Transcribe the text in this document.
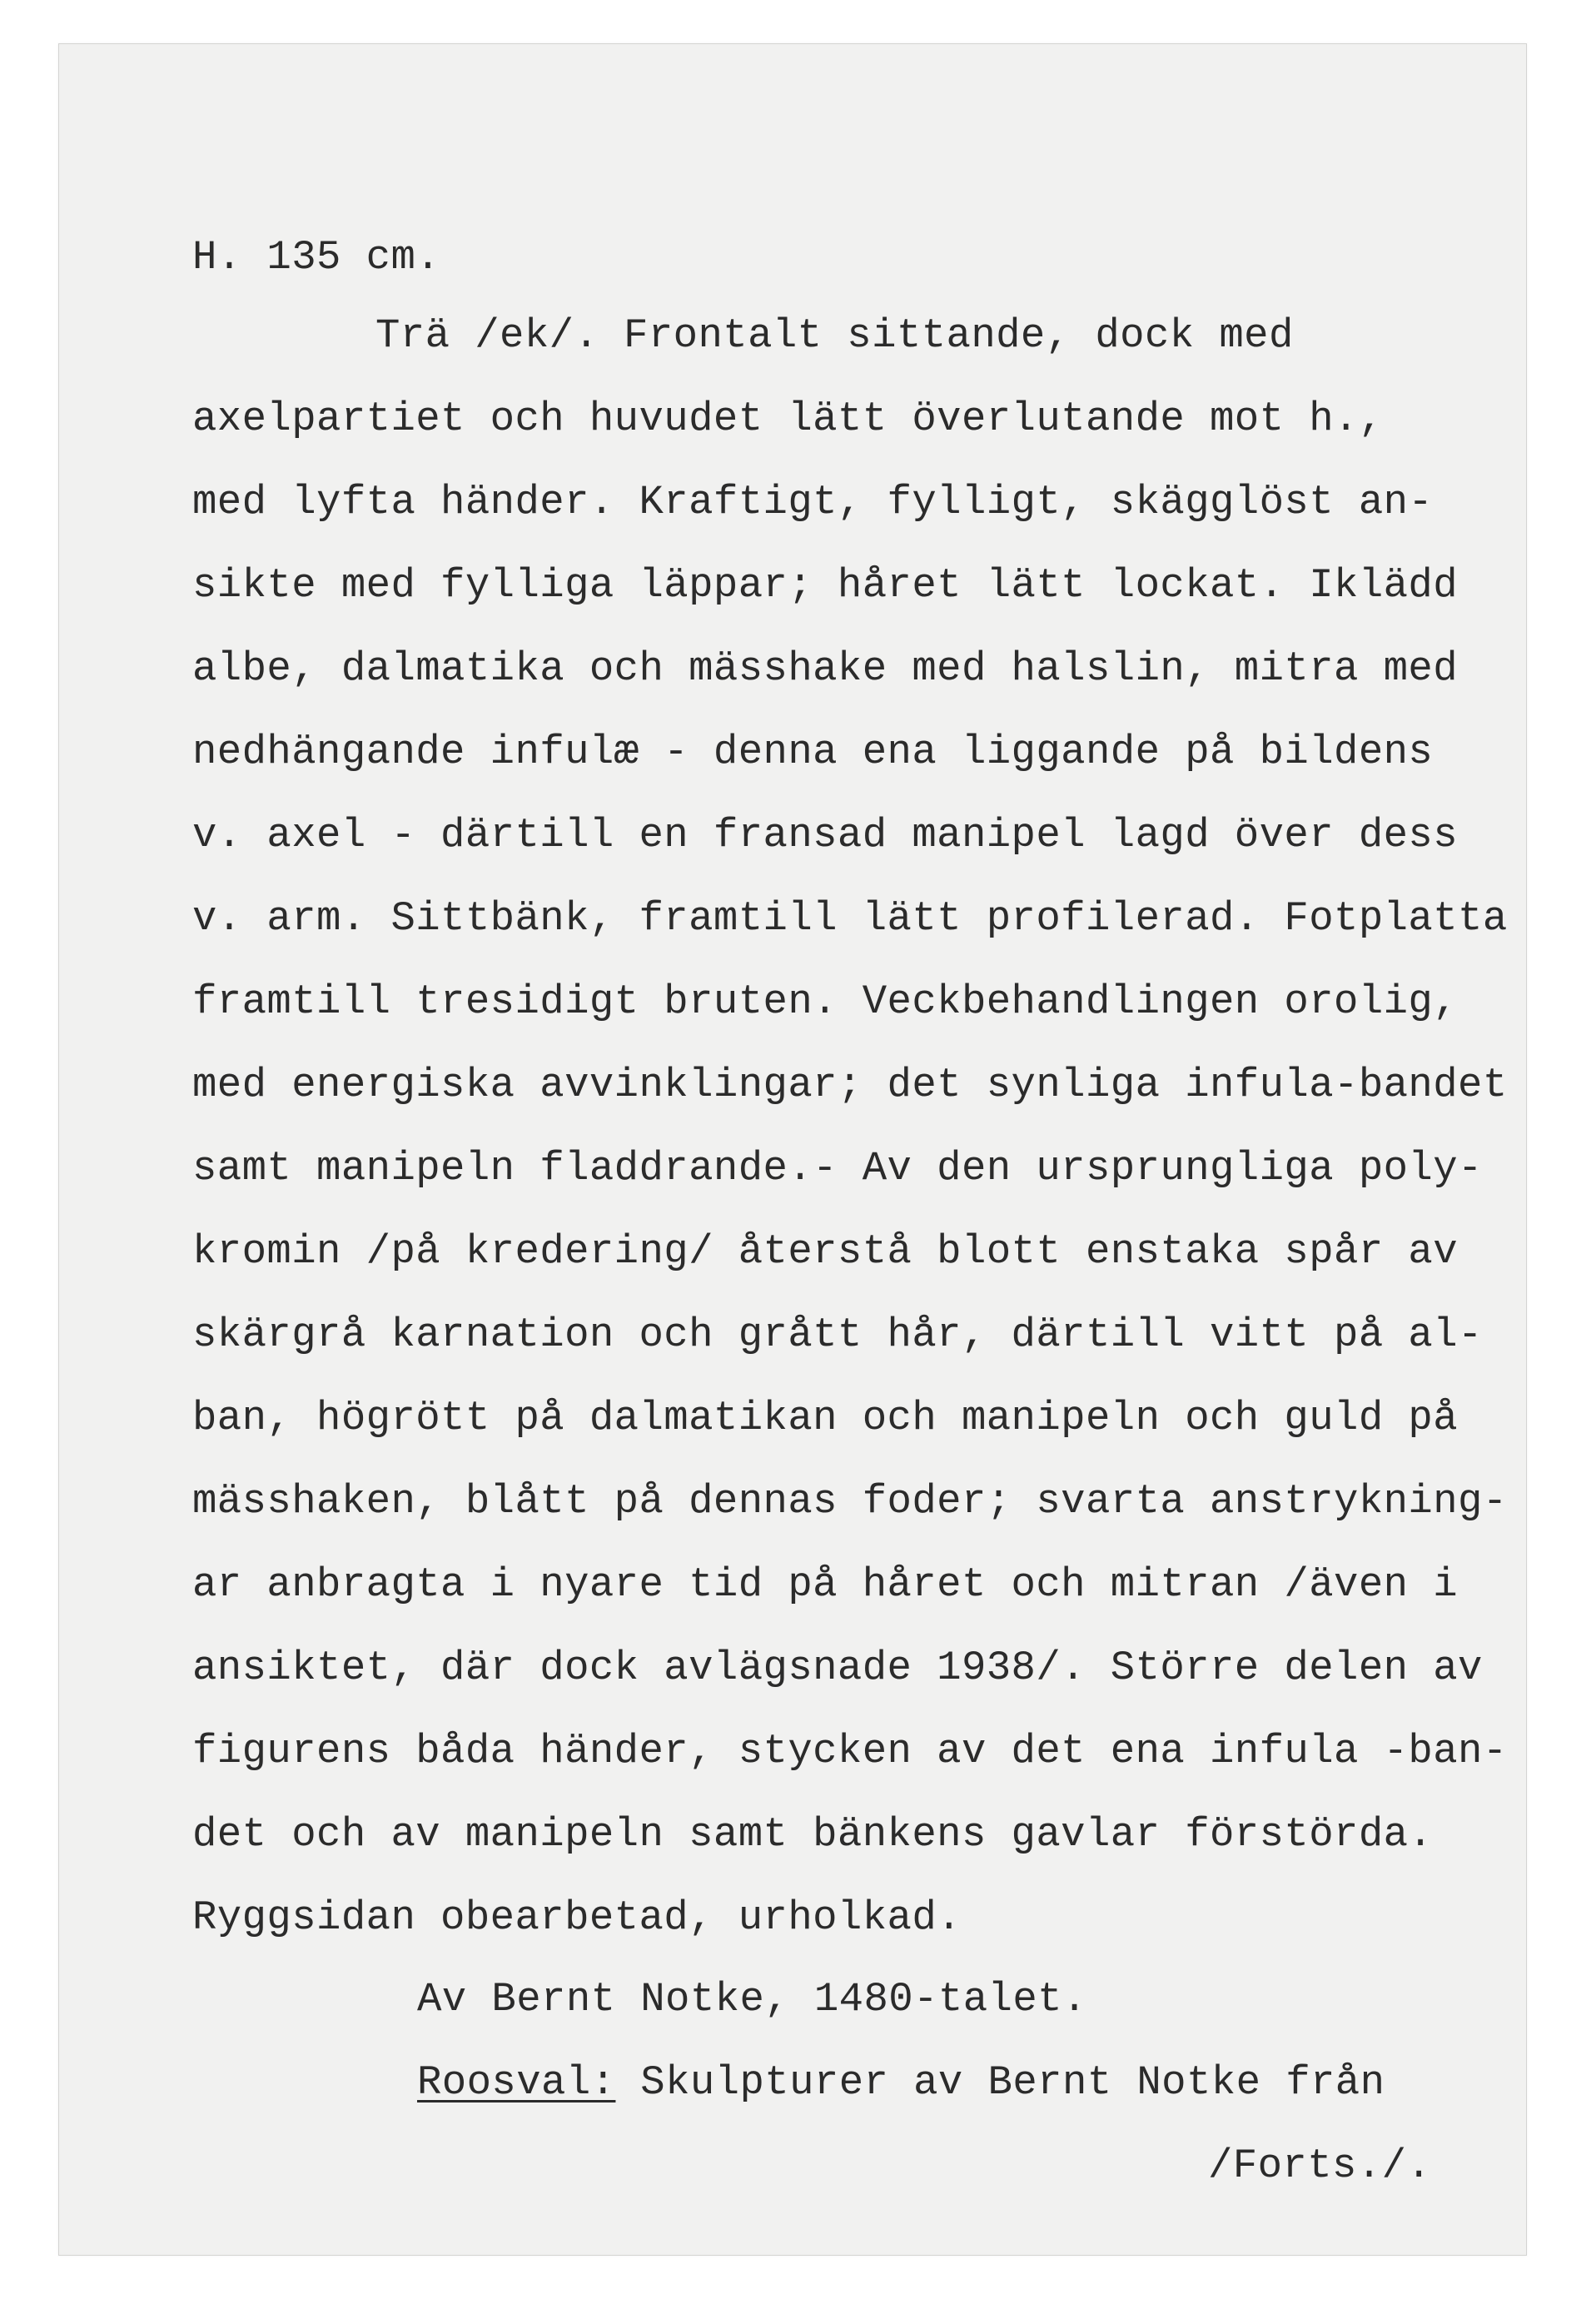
H. 135 cm.
Trä /ek/. Frontalt sittande, dock med
axelpartiet och huvudet lätt överlutande mot h.,
med lyfta händer. Kraftigt, fylligt, skägglöst an-
sikte med fylliga läppar; håret lätt lockat. Iklädd
albe, dalmatika och mässhake med halslin, mitra med
nedhängande infulæ - denna ena liggande på bildens
v. axel - därtill en fransad manipel lagd över dess
v. arm. Sittbänk, framtill lätt profilerad. Fotplatta
framtill tresidigt bruten. Veckbehandlingen orolig,
med energiska avvinklingar; det synliga infula-bandet
samt manipeln fladdrande.- Av den ursprungliga poly-
kromin /på kredering/ återstå blott enstaka spår av
skärgrå karnation och grått hår, därtill vitt på al-
ban, högrött på dalmatikan och manipeln och guld på
mässhaken, blått på dennas foder; svarta anstrykning-
ar anbragta i nyare tid på håret och mitran /även i
ansiktet, där dock avlägsnade 1938/. Större delen av
figurens båda händer, stycken av det ena infula -ban-
det och av manipeln samt bänkens gavlar förstörda.
Ryggsidan obearbetad, urholkad.
Av Bernt Notke, 1480-talet.
Roosval: Skulpturer av Bernt Notke från
/Forts./.
